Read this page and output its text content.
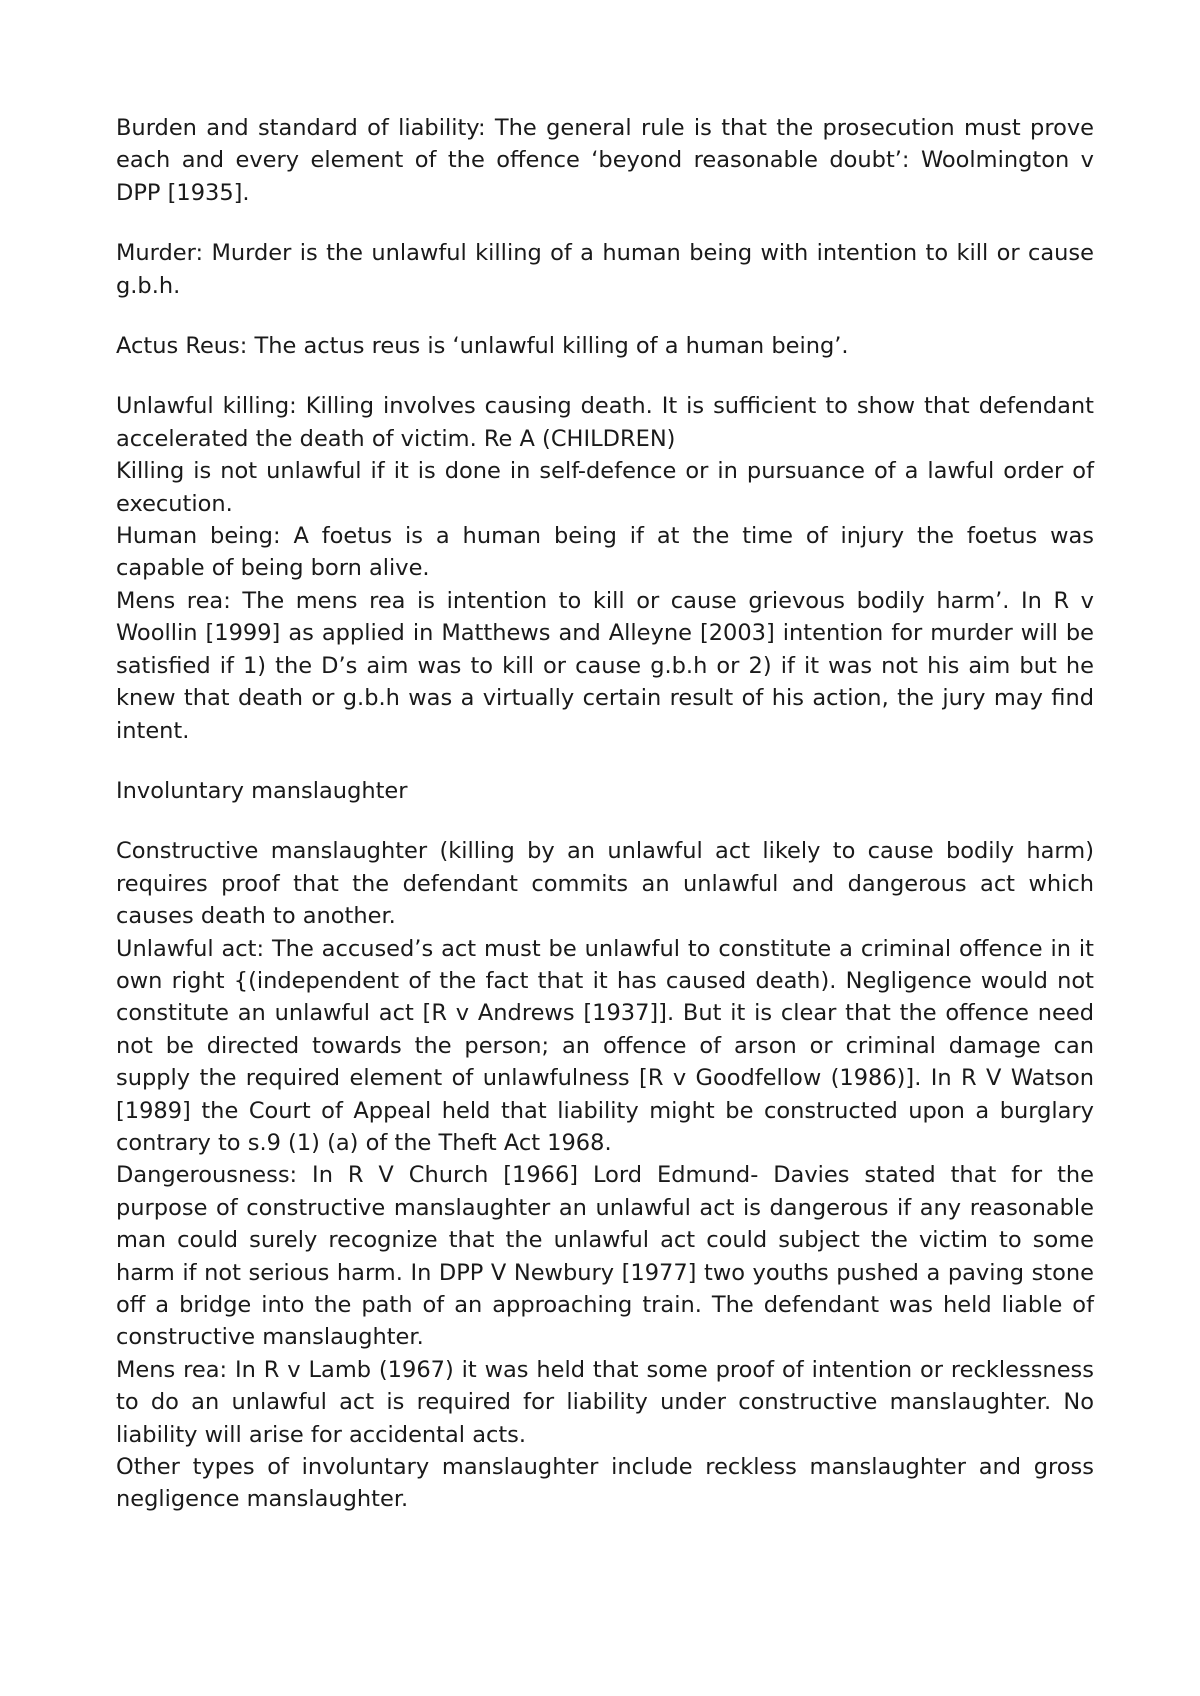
Burden and standard of liability: The general rule is that the prosecution must prove each and every element of the offence ‘beyond reasonable doubt’: Woolmington v DPP [1935].

Murder: Murder is the unlawful killing of a human being with intention to kill or cause g.b.h.

Actus Reus: The actus reus is ‘unlawful killing of a human being’.

Unlawful killing: Killing involves causing death. It is sufficient to show that defendant accelerated the death of victim. Re A (CHILDREN)

Killing is not unlawful if it is done in self-defence or in pursuance of a lawful order of execution.

Human being: A foetus is a human being if at the time of injury the foetus was capable of being born alive.

Mens rea: The mens rea is intention to kill or cause grievous bodily harm’. In R v Woollin [1999] as applied in Matthews and Alleyne [2003] intention for murder will be satisfied if 1) the D’s aim was to kill or cause g.b.h or 2) if it was not his aim but he knew that death or g.b.h was a virtually certain result of his action, the jury may find intent.

Involuntary manslaughter

Constructive manslaughter (killing by an unlawful act likely to cause bodily harm) requires proof that the defendant commits an unlawful and dangerous act which causes death to another.

Unlawful act: The accused’s act must be unlawful to constitute a criminal offence in it own right {(independent of the fact that it has caused death). Negligence would not constitute an unlawful act [R v Andrews [1937]]. But it is clear that the offence need not be directed towards the person; an offence of arson or criminal damage can supply the required element of unlawfulness [R v Goodfellow (1986)]. In R V Watson [1989] the Court of Appeal held that liability might be constructed upon a burglary contrary to s.9 (1) (a) of the Theft Act 1968.

Dangerousness: In R V Church [1966] Lord Edmund- Davies stated that for the purpose of constructive manslaughter an unlawful act is dangerous if any reasonable man could surely recognize that the unlawful act could subject the victim to some harm if not serious harm. In DPP V Newbury [1977] two youths pushed a paving stone off a bridge into the path of an approaching train. The defendant was held liable of constructive manslaughter.

Mens rea: In R v Lamb (1967) it was held that some proof of intention or recklessness to do an unlawful act is required for liability under constructive manslaughter. No liability will arise for accidental acts.

Other types of involuntary manslaughter include reckless manslaughter and gross negligence manslaughter.
